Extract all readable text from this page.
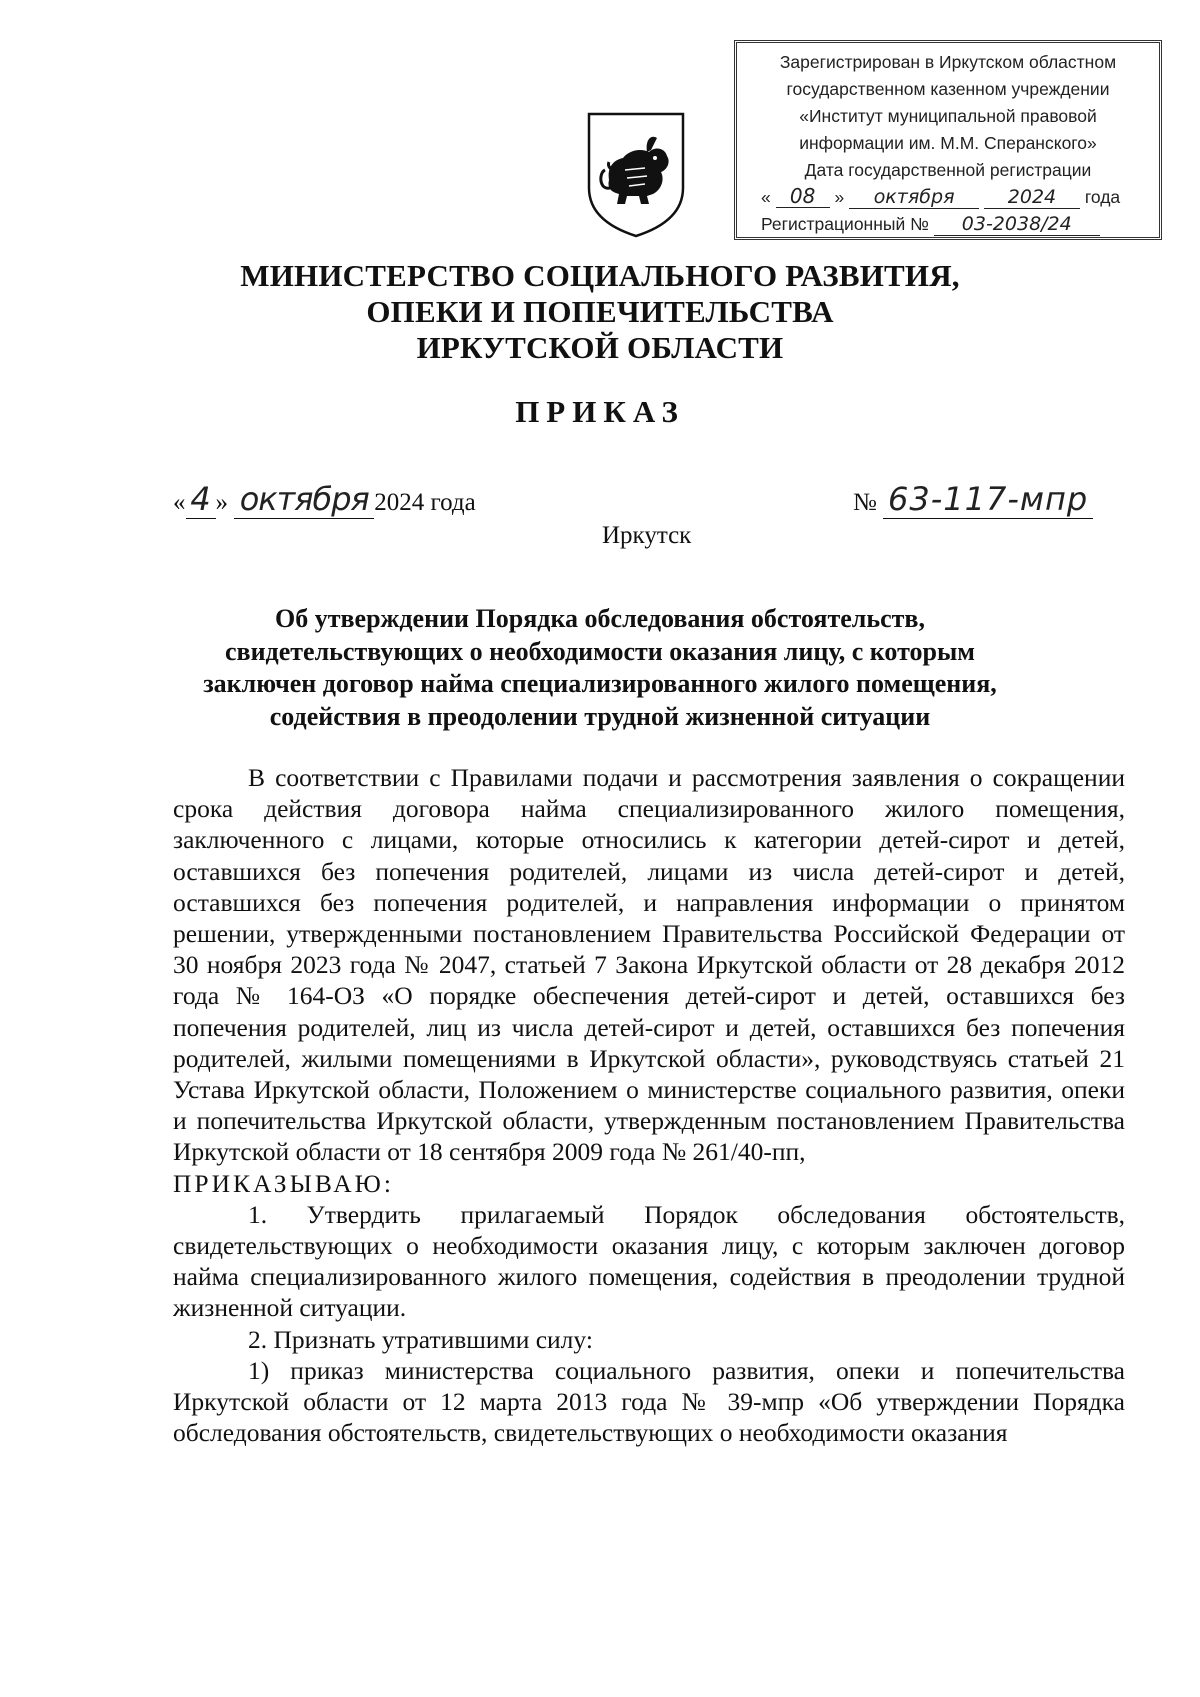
Зарегистрирован в Иркутском областном
государственном казенном учреждении
«Институт муниципальной правовой
информации им. М.М. Сперанского»
Дата государственной регистрации
« 08 » октября	2024 года
Регистрационный № 03-2038/24
МИНИСТЕРСТВО СОЦИАЛЬНОГО РАЗВИТИЯ,
ОПЕКИ И ПОПЕЧИТЕЛЬСТВА
ИРКУТСКОЙ ОБЛАСТИ
ПРИКАЗ
« 4 » октября 2024 года	№ 63-117-мпр
Иркутск
Об утверждении Порядка обследования обстоятельств,
свидетельствующих о необходимости оказания лицу, с которым
заключен договор найма специализированного жилого помещения,
содействия в преодолении трудной жизненной ситуации

В соответствии с Правилами подачи и рассмотрения заявления о сокращении срока действия договора найма специализированного жилого помещения, заключенного с лицами, которые относились к категории детей-сирот и детей, оставшихся без попечения родителей, лицами из числа детей-сирот и детей, оставшихся без попечения родителей, и направления информации о принятом решении, утвержденными постановлением Правительства Российской Федерации от 30 ноября 2023 года № 2047, статьей 7 Закона Иркутской области от 28 декабря 2012 года № 164-ОЗ «О порядке обеспечения детей-сирот и детей, оставшихся без попечения родителей, лиц из числа детей-сирот и детей, оставшихся без попечения родителей, жилыми помещениями в Иркутской области», руководствуясь статьей 21 Устава Иркутской области, Положением о министерстве социального развития, опеки и попечительства Иркутской области, утвержденным постановлением Правительства Иркутской области от 18 сентября 2009 года № 261/40-пп,

ПРИКАЗЫВАЮ:

1. Утвердить прилагаемый Порядок обследования обстоятельств, свидетельствующих о необходимости оказания лицу, с которым заключен договор найма специализированного жилого помещения, содействия в преодолении трудной жизненной ситуации.

2. Признать утратившими силу:

1) приказ министерства социального развития, опеки и попечительства Иркутской области от 12 марта 2013 года № 39-мпр «Об утверждении Порядка обследования обстоятельств, свидетельствующих о необходимости оказания
